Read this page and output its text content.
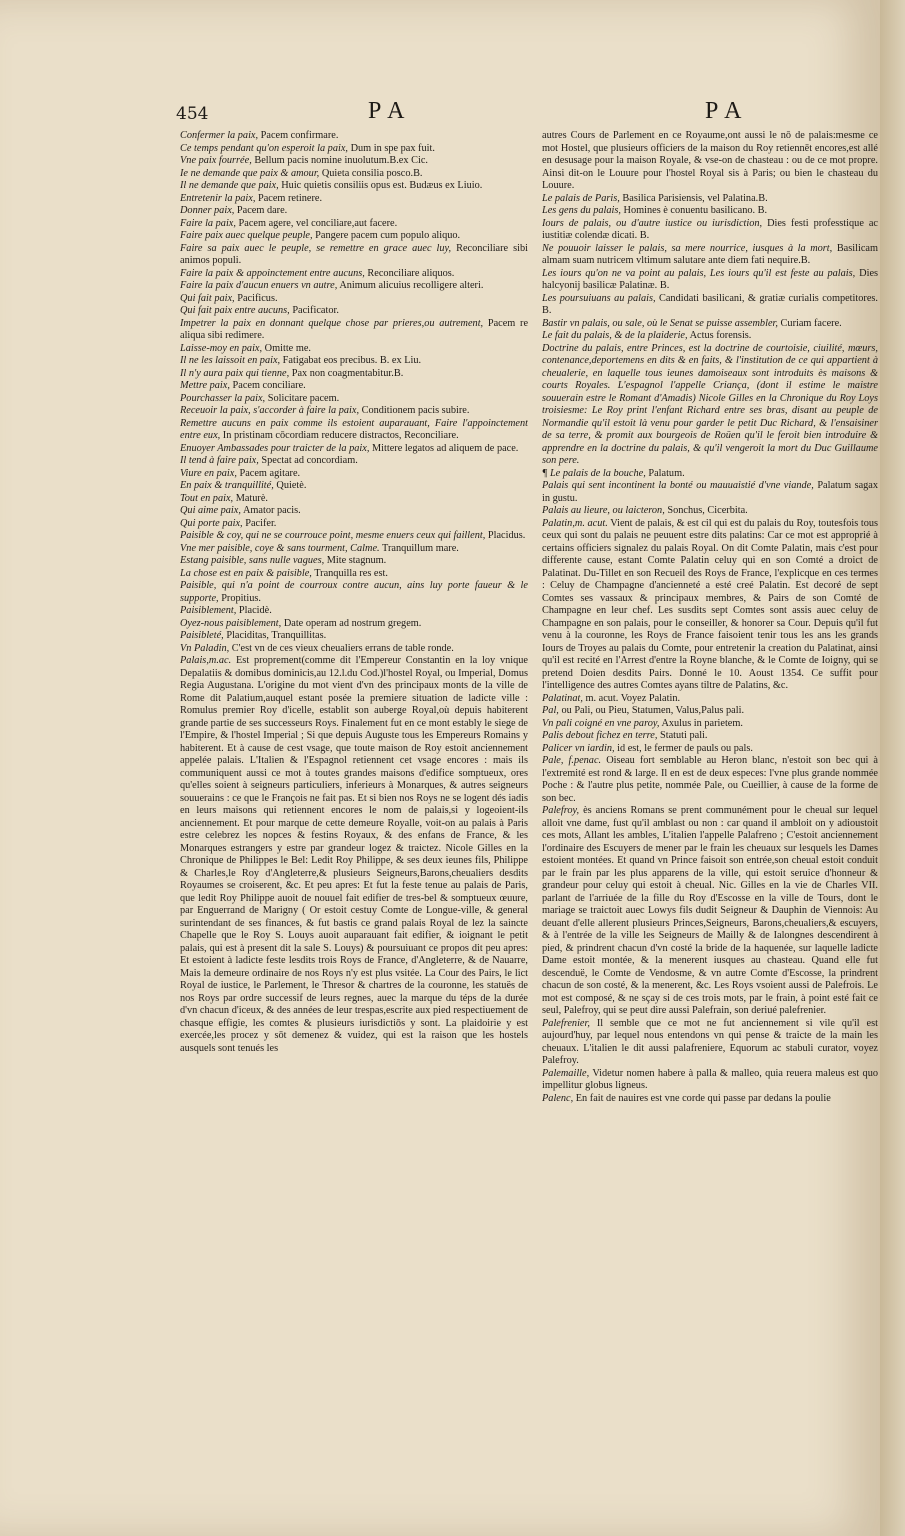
454	PA	PA

Confermer la paix, Pacem confirmare.

Ce temps pendant qu'on esperoit la paix, Dum in spe pax fuit.

Vne paix fourrée, Bellum pacis nomine inuolutum.B.ex Cic.

Ie ne demande que paix & amour, Quieta consilia posco.B.

Il ne demande que paix, Huic quietis consiliis opus est. Budæus ex Liuio.

Entretenir la paix, Pacem retinere.

Donner paix, Pacem dare.

Faire la paix, Pacem agere, vel conciliare,aut facere.

Faire paix auec quelque peuple, Pangere pacem cum populo aliquo.

Faire sa paix auec le peuple, se remettre en grace auec luy, Reconciliare sibi animos populi.

Faire la paix & appoinctement entre aucuns, Reconciliare aliquos.

Faire la paix d'aucun enuers vn autre, Animum alicuius recolligere alteri.

Qui fait paix, Pacificus.

Qui fait paix entre aucuns, Pacificator.

Impetrer la paix en donnant quelque chose par prieres,ou autrement, Pacem re aliqua sibi redimere.

Laisse-moy en paix, Omitte me.

Il ne les laissoit en paix, Fatigabat eos precibus. B. ex Liu.

Il n'y aura paix qui tienne, Pax non coagmentabitur.B.

Mettre paix, Pacem conciliare.

Pourchasser la paix, Solicitare pacem.

Receuoir la paix, s'accorder à faire la paix, Conditionem pacis subire.

Remettre aucuns en paix comme ils estoient auparauant, Faire l'appoinctement entre eux, In pristinam cōcordiam reducere distractos, Reconciliare.

Enuoyer Ambassades pour traicter de la paix, Mittere legatos ad aliquem de pace.

Il tend à faire paix, Spectat ad concordiam.

Viure en paix, Pacem agitare.

En paix & tranquillité, Quietè.

Tout en paix, Maturè.

Qui aime paix, Amator pacis.

Qui porte paix, Pacifer.

Paisible & coy, qui ne se courrouce point, mesme enuers ceux qui faillent, Placidus.

Vne mer paisible, coye & sans tourment, Calme. Tranquillum mare.

Estang paisible, sans nulle vagues, Mite stagnum.

La chose est en paix & paisible, Tranquilla res est.

Paisible, qui n'a point de courroux contre aucun, ains luy porte faueur & le supporte, Propitius.

Paisiblement, Placidè.

Oyez-nous paisiblement, Date operam ad nostrum gregem.

Paisibleté, Placiditas, Tranquillitas.

Vn Paladin, C'est vn de ces vieux cheualiers errans de table ronde.

Palais,m.ac. Est proprement(comme dit l'Empereur Constantin en la loy vnique Depalatiis & domibus dominicis,au 12.l.du Cod.)l'hostel Royal, ou Imperial, Domus Regia Augustana. L'origine du mot vient d'vn des principaux monts de la ville de Rome dit Palatium,auquel estant posée la premiere situation de ladicte ville : Romulus premier Roy d'icelle, establit son auberge Royal,où depuis habiterent grande partie de ses successeurs Roys. Finalement fut en ce mont estably le siege de l'Empire, & l'hostel Imperial ; Si que depuis Auguste tous les Empereurs Romains y habiterent. Et à cause de cest vsage, que toute maison de Roy estoit anciennement appelée palais. L'Italien & l'Espagnol retiennent cet vsage encores : mais ils communiquent aussi ce mot à toutes grandes maisons d'edifice somptueux, ores qu'elles soient à seigneurs particuliers, inferieurs à Monarques, & autres seigneurs souuerains : ce que le François ne fait pas. Et si bien nos Roys ne se logent dés iadis en leurs maisons qui retiennent encores le nom de palais,si y logeoient-ils anciennement. Et pour marque de cette demeure Royalle, voit-on au palais à Paris estre celebrez les nopces & festins Royaux, & des enfans de France, & les Monarques estrangers y estre par grandeur logez & traictez. Nicole Gilles en la Chronique de Philippes le Bel: Ledit Roy Philippe, & ses deux ieunes fils, Philippe & Charles,le Roy d'Angleterre,& plusieurs Seigneurs,Barons,cheualiers desdits Royaumes se croiserent, &c. Et peu apres: Et fut la feste tenue au palais de Paris, que ledit Roy Philippe auoit de nouuel fait edifier de tres-bel & somptueux œuure, par Enguerrand de Marigny ( Or estoit cestuy Comte de Longue-ville, & general surintendant de ses finances, & fut bastis ce grand palais Royal de lez la saincte Chapelle que le Roy S. Louys auoit auparauant fait edifier, & ioignant le petit palais, qui est à present dit la sale S. Louys) & poursuiuant ce propos dit peu apres: Et estoient à ladicte feste lesdits trois Roys de France, d'Angleterre, & de Nauarre, Mais la demeure ordinaire de nos Roys n'y est plus vsitée. La Cour des Pairs, le lict Royal de iustice, le Parlement, le Thresor & chartres de la couronne, les statuës de nos Roys par ordre successif de leurs regnes, auec la marque du téps de la durée d'vn chacun d'iceux, & des années de leur trespas,escrite aux pied respectiuement de chasque effigie, les comtes & plusieurs iurisdictiōs y sont. La plaidoirie y est exercée,les procez y sōt demenez & vuidez, qui est la raison que les hostels ausquels sont tenués les

autres Cours de Parlement en ce Royaume,ont aussi le nō de palais:mesme ce mot Hostel, que plusieurs officiers de la maison du Roy retiennēt encores,est allé en desusage pour la maison Royale, & vse-on de chasteau : ou de ce mot propre. Ainsi dit-on le Louure pour l'hostel Royal sis à Paris; ou bien le chasteau du Louure.

Le palais de Paris, Basilica Parisiensis, vel Palatina.B.

Les gens du palais, Homines è conuentu basilicano. B.

Iours de palais, ou d'autre iustice ou iurisdiction, Dies festi professtique ac iustitiæ colendæ dicati. B.

Ne pouuoir laisser le palais, sa mere nourrice, iusques à la mort, Basilicam almam suam nutricem vltimum salutare ante diem fati nequire.B.

Les iours qu'on ne va point au palais, Les iours qu'il est feste au palais, Dies halcyonij basilicæ Palatinæ. B.

Les poursuiuans au palais, Candidati basilicani, & gratiæ curialis competitores. B.

Bastir vn palais, ou sale, où le Senat se puisse assembler, Curiam facere.

Le fait du palais, & de la plaiderie, Actus forensis.

Doctrine du palais, entre Princes, est la doctrine de courtoisie, ciuilité, mœurs, contenance,deportemens en dits & en faits, & l'institution de ce qui appartient à cheualerie, en laquelle tous ieunes damoiseaux sont introduits ès maisons & courts Royales. L'espagnol l'appelle Criança, (dont il estime le maistre souuerain estre le Romant d'Amadis) Nicole Gilles en la Chronique du Roy Loys troisiesme: Le Roy print l'enfant Richard entre ses bras, disant au peuple de Normandie qu'il estoit là venu pour garder le petit Duc Richard, & l'ensaisiner de sa terre, & promit aux bourgeois de Roüen qu'il le feroit bien introduire & apprendre en la doctrine du palais, & qu'il vengeroit la mort du Duc Guillaume son pere.

¶ Le palais de la bouche, Palatum.

Palais qui sent incontinent la bonté ou mauuaistié d'vne viande, Palatum sagax in gustu.

Palais au lieure, ou laicteron, Sonchus, Cicerbita.

Palatin,m. acut. Vient de palais, & est cil qui est du palais du Roy, toutesfois tous ceux qui sont du palais ne peuuent estre dits palatins: Car ce mot est approprié à certains officiers signalez du palais Royal. On dit Comte Palatin, mais c'est pour differente cause, estant Comte Palatin celuy qui en son Comté a droict de Palatinat. Du-Tillet en son Recueil des Roys de France, l'explicque en ces termes : Celuy de Champagne d'ancienneté a esté creé Palatin. Est decoré de sept Comtes ses vassaux & principaux membres, & Pairs de son Comté de Champagne en leur chef. Les susdits sept Comtes sont assis auec celuy de Champagne en son palais, pour le conseiller, & honorer sa Cour. Depuis qu'il fut venu à la couronne, les Roys de France faisoient tenir tous les ans les grands Iours de Troyes au palais du Comte, pour entretenir la creation du Palatinat, ainsi qu'il est recité en l'Arrest d'entre la Royne blanche, & le Comte de Ioigny, qui se pretend Doien desdits Pairs. Donné le 10. Aoust 1354. Ce suffit pour l'intelligence des autres Comtes ayans tiltre de Palatins, &c.

Palatinat, m. acut. Voyez Palatin.

Pal, ou Pali, ou Pieu, Statumen, Valus,Palus pali.

Vn pali coigné en vne paroy, Axulus in parietem.

Palis debout fichez en terre, Statuti pali.

Palicer vn iardin, id est, le fermer de pauls ou pals.

Pale, f.penac. Oiseau fort semblable au Heron blanc, n'estoit son bec qui à l'extremité est rond & large. Il en est de deux especes: l'vne plus grande nommée Poche : & l'autre plus petite, nommée Pale, ou Cueillier, à cause de la forme de son bec.

Palefroy, ès anciens Romans se prent communément pour le cheual sur lequel alloit vne dame, fust qu'il amblast ou non : car quand il ambloit on y adioustoit ces mots, Allant les ambles, L'italien l'appelle Palafreno ; C'estoit anciennement l'ordinaire des Escuyers de mener par le frain les cheuaux sur lesquels les Dames estoient montées. Et quand vn Prince faisoit son entrée,son cheual estoit conduit par le frain par les plus apparens de la ville, qui estoit seruice d'honneur & grandeur pour celuy qui estoit à cheual. Nic. Gilles en la vie de Charles VII. parlant de l'arriuée de la fille du Roy d'Escosse en la ville de Tours, dont le mariage se traictoit auec Lowys fils dudit Seigneur & Dauphin de Viennois: Au deuant d'elle allerent plusieurs Princes,Seigneurs, Barons,cheualiers,& escuyers, & à l'entrée de la ville les Seigneurs de Mailly & de Ialongnes descendirent à pied, & prindrent chacun d'vn costé la bride de la haquenée, sur laquelle ladicte Dame estoit montée, & la menerent iusques au chasteau. Quand elle fut descenduë, le Comte de Vendosme, & vn autre Comte d'Escosse, la prindrent chacun de son costé, & la menerent, &c. Les Roys vsoient aussi de Palefrois. Le mot est composé, & ne sçay si de ces trois mots, par le frain, à point esté fait ce seul, Palefroy, qui se peut dire aussi Palefrain, son deriué palefrenier.

Palefrenier, Il semble que ce mot ne fut anciennement si vile qu'il est aujourd'huy, par lequel nous entendons vn qui pense & traicte de la main les cheuaux. L'italien le dit aussi palafreniere, Equorum ac stabuli curator, voyez Palefroy.

Palemaille, Videtur nomen habere à palla & malleo, quia reuera maleus est quo impellitur globus ligneus.

Palenc, En fait de nauires est vne corde qui passe par dedans la poulie
